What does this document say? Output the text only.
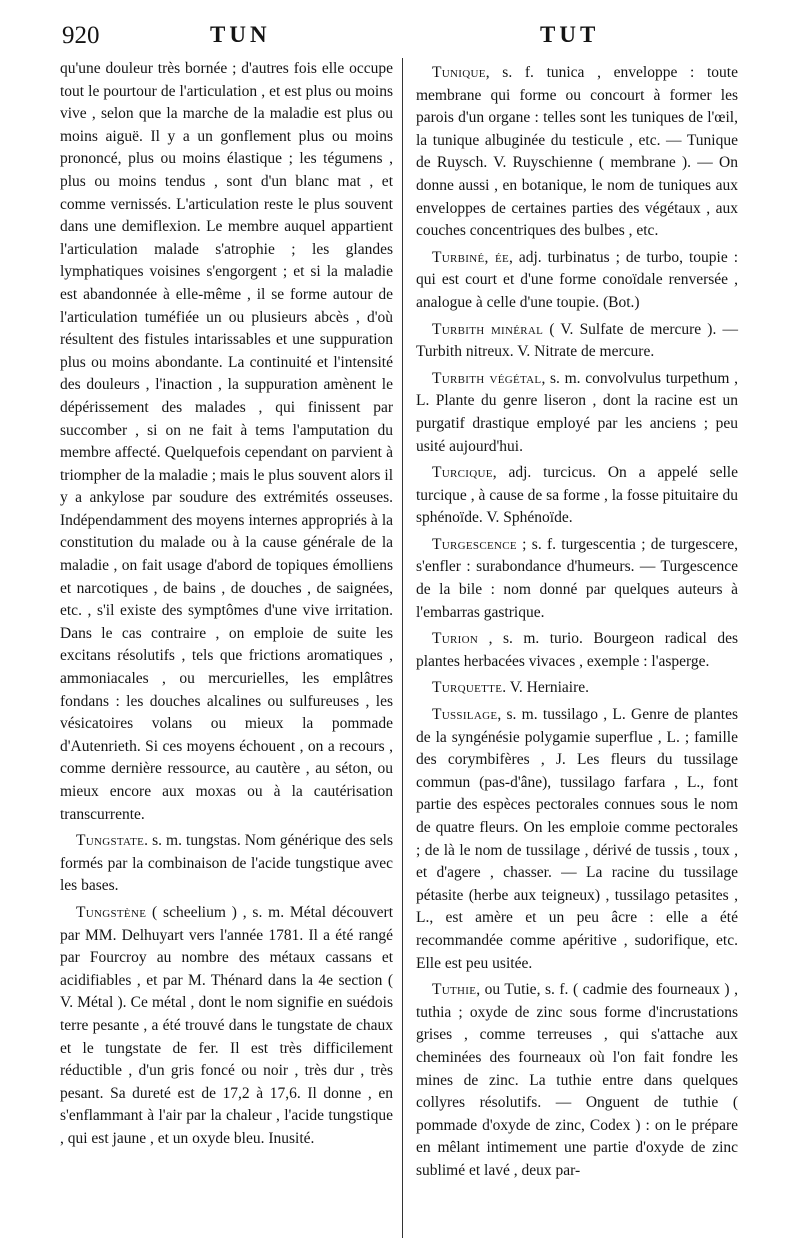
920	TUN	TUT

qu'une douleur très bornée ; d'autres fois elle occupe tout le pourtour de l'articulation , et est plus ou moins vive , selon que la marche de la maladie est plus ou moins aiguë. Il y a un gonflement plus ou moins prononcé, plus ou moins élastique ; les tégumens , plus ou moins tendus , sont d'un blanc mat , et comme vernissés. L'articulation reste le plus souvent dans une demiflexion. Le membre auquel appartient l'articulation malade s'atrophie ; les glandes lymphatiques voisines s'engorgent ; et si la maladie est abandonnée à elle-même , il se forme autour de l'articulation tuméfiée un ou plusieurs abcès , d'où résultent des fistules intarissables et une suppuration plus ou moins abondante. La continuité et l'intensité des douleurs , l'inaction , la suppuration amènent le dépérissement des malades , qui finissent par succomber , si on ne fait à tems l'amputation du membre affecté. Quelquefois cependant on parvient à triompher de la maladie ; mais le plus souvent alors il y a ankylose par soudure des extrémités osseuses. Indépendamment des moyens internes appropriés à la constitution du malade ou à la cause générale de la maladie , on fait usage d'abord de topiques émolliens et narcotiques , de bains , de douches , de saignées, etc. , s'il existe des symptômes d'une vive irritation. Dans le cas contraire , on emploie de suite les excitans résolutifs , tels que frictions aromatiques , ammoniacales , ou mercurielles, les emplâtres fondans : les douches alcalines ou sulfureuses , les vésicatoires volans ou mieux la pommade d'Autenrieth. Si ces moyens échouent , on a recours , comme dernière ressource, au cautère , au séton, ou mieux encore aux moxas ou à la cautérisation transcurrente.

Tungstate. s. m. tungstas. Nom générique des sels formés par la combinaison de l'acide tungstique avec les bases.

Tungstène ( scheelium ) , s. m. Métal découvert par MM. Delhuyart vers l'année 1781. Il a été rangé par Fourcroy au nombre des métaux cassans et acidifiables , et par M. Thénard dans la 4e section ( V. Métal ). Ce métal , dont le nom signifie en suédois terre pesante , a été trouvé dans le tungstate de chaux et le tungstate de fer. Il est très difficilement réductible , d'un gris foncé ou noir , très dur , très pesant. Sa dureté est de 17,2 à 17,6. Il donne , en s'enflammant à l'air par la chaleur , l'acide tungstique , qui est jaune , et un oxyde bleu. Inusité.

Tunique, s. f. tunica , enveloppe : toute membrane qui forme ou concourt à former les parois d'un organe : telles sont les tuniques de l'œil, la tunique albuginée du testicule , etc. — Tunique de Ruysch. V. Ruyschienne ( membrane ). — On donne aussi , en botanique, le nom de tuniques aux enveloppes de certaines parties des végétaux , aux couches concentriques des bulbes , etc.

Turbiné, ée, adj. turbinatus ; de turbo, toupie : qui est court et d'une forme conoïdale renversée , analogue à celle d'une toupie. (Bot.)

Turbith minéral ( V. Sulfate de mercure ). — Turbith nitreux. V. Nitrate de mercure.

Turbith végétal, s. m. convolvulus turpethum , L. Plante du genre liseron , dont la racine est un purgatif drastique employé par les anciens ; peu usité aujourd'hui.

Turcique, adj. turcicus. On a appelé selle turcique , à cause de sa forme , la fosse pituitaire du sphénoïde. V. Sphénoïde.

Turgescence ; s. f. turgescentia ; de turgescere, s'enfler : surabondance d'humeurs. — Turgescence de la bile : nom donné par quelques auteurs à l'embarras gastrique.

Turion , s. m. turio. Bourgeon radical des plantes herbacées vivaces , exemple : l'asperge.

Turquette. V. Herniaire.

Tussilage, s. m. tussilago , L. Genre de plantes de la syngénésie polygamie superflue , L. ; famille des corymbifères , J. Les fleurs du tussilage commun (pas-d'âne), tussilago farfara , L., font partie des espèces pectorales connues sous le nom de quatre fleurs. On les emploie comme pectorales ; de là le nom de tussilage , dérivé de tussis , toux , et d'agere , chasser. — La racine du tussilage pétasite (herbe aux teigneux) , tussilago petasites , L., est amère et un peu âcre : elle a été recommandée comme apéritive , sudorifique, etc. Elle est peu usitée.

Tuthie, ou Tutie, s. f. ( cadmie des fourneaux ) , tuthia ; oxyde de zinc sous forme d'incrustations grises , comme terreuses , qui s'attache aux cheminées des fourneaux où l'on fait fondre les mines de zinc. La tuthie entre dans quelques collyres résolutifs. — Onguent de tuthie ( pommade d'oxyde de zinc, Codex ) : on le prépare en mêlant intimement une partie d'oxyde de zinc sublimé et lavé , deux par-
